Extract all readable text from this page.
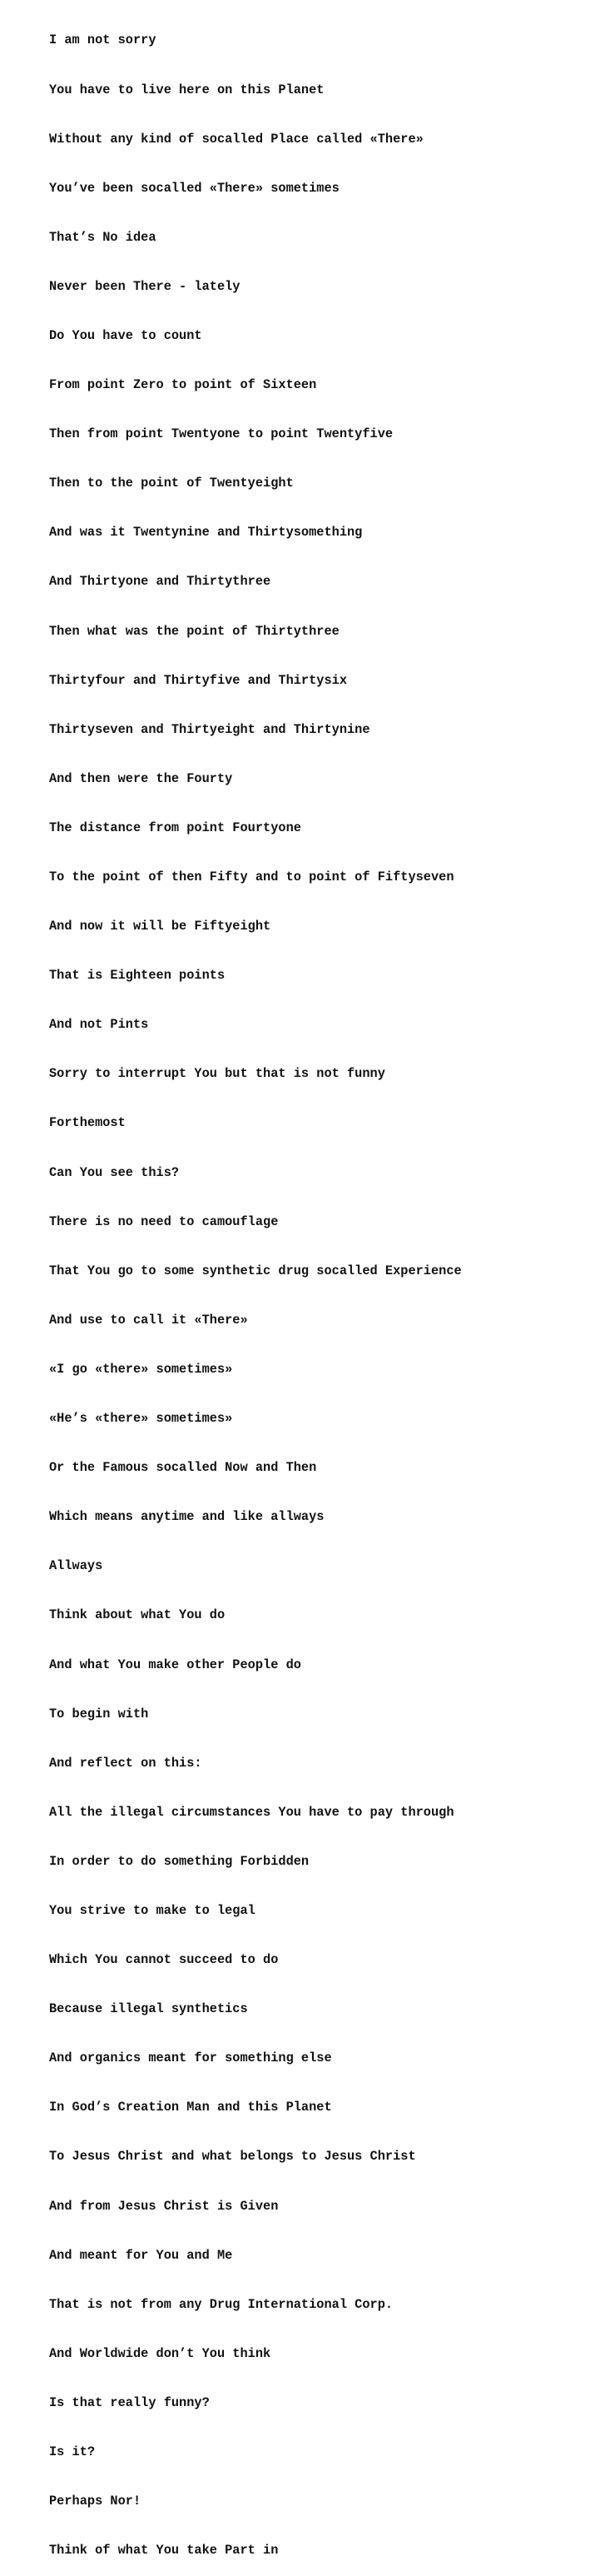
I am not sorry

You have to live here on this Planet

Without any kind of socalled Place called «There»

You’ve been socalled «There» sometimes

That’s No idea

Never been There - lately

Do You have to count

From point Zero to point of Sixteen

Then from point Twentyone to point Twentyfive

Then to the point of Twentyeight

And was it Twentynine and Thirtysomething

And Thirtyone and Thirtythree

Then what was the point of Thirtythree

Thirtyfour and Thirtyfive and Thirtysix

Thirtyseven and Thirtyeight and Thirtynine

And then were the Fourty

The distance from point Fourtyone

To the point of then Fifty and to point of Fiftyseven

And now it will be Fiftyeight

That is Eighteen points

And not Pints

Sorry to interrupt You but that is not funny

Forthemost

Can You see this?

There is no need to camouflage

That You go to some synthetic drug socalled Experience

And use to call it «There»

«I go «there» sometimes»

«He’s «there» sometimes»

Or the Famous socalled Now and Then

Which means anytime and like allways

Allways

Think about what You do

And what You make other People do

To begin with

And reflect on this:

All the illegal circumstances You have to pay through

In order to do something Forbidden

You strive to make to legal

Which You cannot succeed to do

Because illegal synthetics

And organics meant for something else

In God’s Creation Man and this Planet

To Jesus Christ and what belongs to Jesus Christ

And from Jesus Christ is Given

And meant for You and Me

That is not from any Drug International Corp.

And Worldwide don’t You think

Is that really funny?

Is it?

Perhaps Nor!

Think of what You take Part in
